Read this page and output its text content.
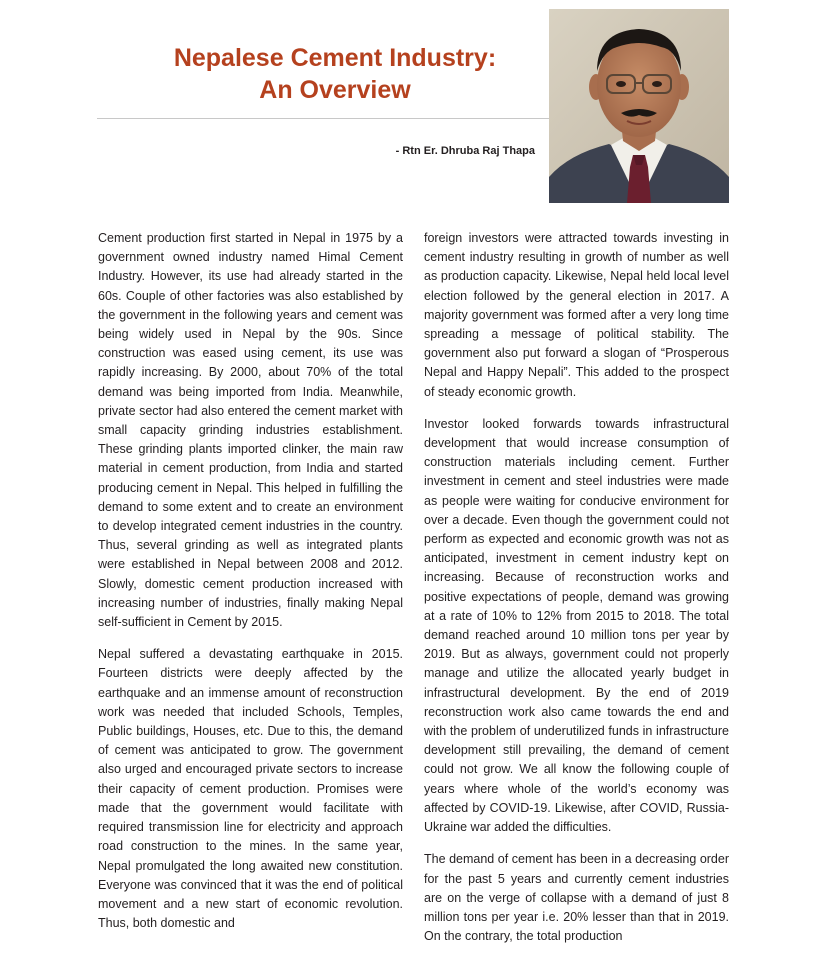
Nepalese Cement Industry:
An Overview
- Rtn Er. Dhruba Raj Thapa

Cement production first started in Nepal in 1975 by a government owned industry named Himal Cement Industry. However, its use had already started in the 60s. Couple of other factories was also established by the government in the following years and cement was being widely used in Nepal by the 90s. Since construction was eased using cement, its use was rapidly increasing. By 2000, about 70% of the total demand was being imported from India. Meanwhile, private sector had also entered the cement market with small capacity grinding industries establishment. These grinding plants imported clinker, the main raw material in cement production, from India and started producing cement in Nepal. This helped in fulfilling the demand to some extent and to create an environment to develop integrated cement industries in the country. Thus, several grinding as well as integrated plants were established in Nepal between 2008 and 2012. Slowly, domestic cement production increased with increasing number of industries, finally making Nepal self-sufficient in Cement by 2015.

Nepal suffered a devastating earthquake in 2015. Fourteen districts were deeply affected by the earthquake and an immense amount of reconstruction work was needed that included Schools, Temples, Public buildings, Houses, etc. Due to this, the demand of cement was anticipated to grow. The government also urged and encouraged private sectors to increase their capacity of cement production. Promises were made that the government would facilitate with required transmission line for electricity and approach road construction to the mines. In the same year, Nepal promulgated the long awaited new constitution. Everyone was convinced that it was the end of political movement and a new start of economic revolution. Thus, both domestic and

foreign investors were attracted towards investing in cement industry resulting in growth of number as well as production capacity. Likewise, Nepal held local level election followed by the general election in 2017. A majority government was formed after a very long time spreading a message of political stability. The government also put forward a slogan of “Prosperous Nepal and Happy Nepali”. This added to the prospect of steady economic growth.

Investor looked forwards towards infrastructural development that would increase consumption of construction materials including cement. Further investment in cement and steel industries were made as people were waiting for conducive environment for over a decade. Even though the government could not perform as expected and economic growth was not as anticipated, investment in cement industry kept on increasing. Because of reconstruction works and positive expectations of people, demand was growing at a rate of 10% to 12% from 2015 to 2018. The total demand reached around 10 million tons per year by 2019. But as always, government could not properly manage and utilize the allocated yearly budget in infrastructural development. By the end of 2019 reconstruction work also came towards the end and with the problem of underutilized funds in infrastructure development still prevailing, the demand of cement could not grow. We all know the following couple of years where whole of the world’s economy was affected by COVID-19. Likewise, after COVID, Russia-Ukraine war added the difficulties.

The demand of cement has been in a decreasing order for the past 5 years and currently cement industries are on the verge of collapse with a demand of just 8 million tons per year i.e. 20% lesser than that in 2019. On the contrary, the total production
